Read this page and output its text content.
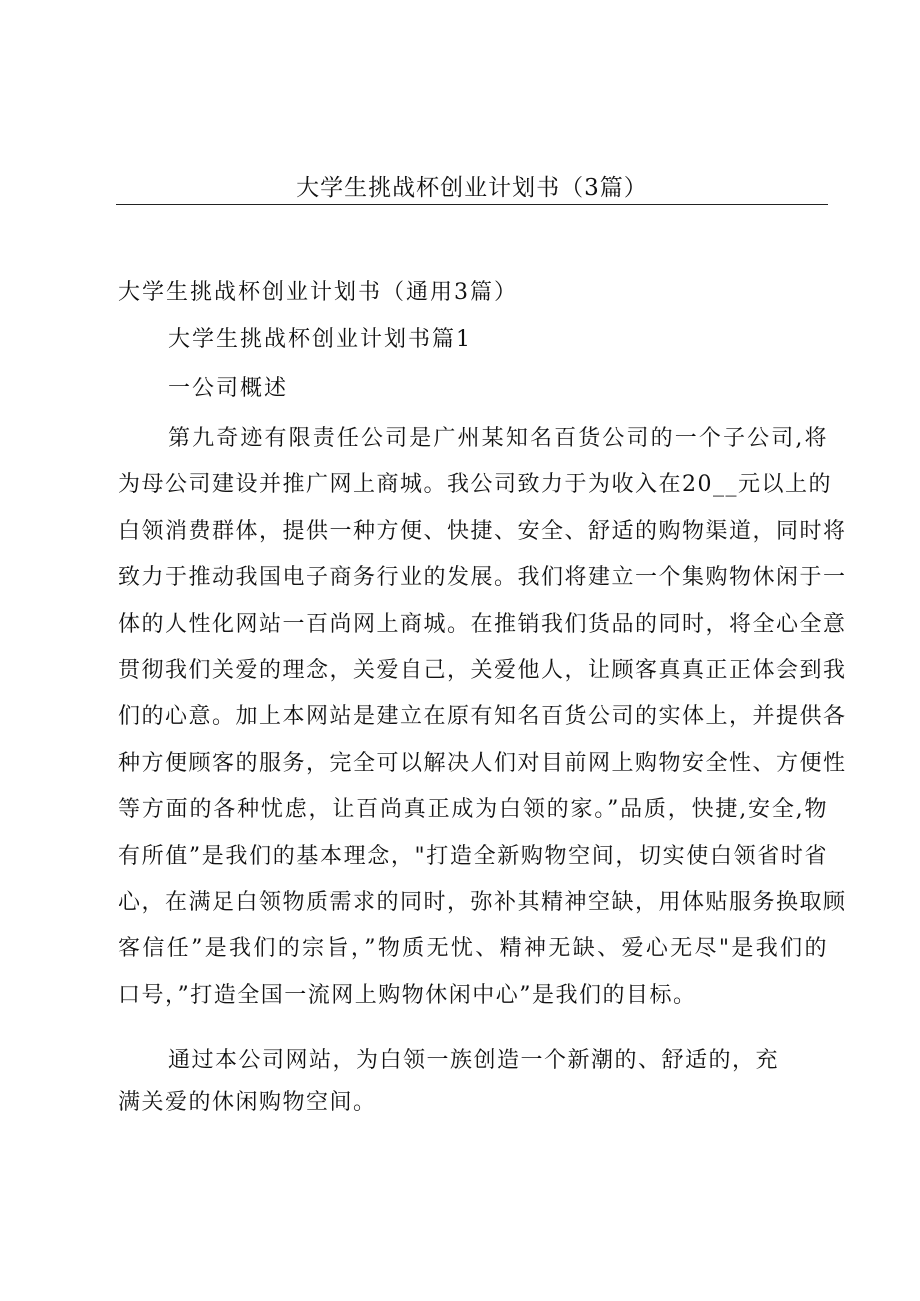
大学生挑战杯创业计划书（3篇）

大学生挑战杯创业计划书（通用3篇）

大学生挑战杯创业计划书篇1

一公司概述

第九奇迹有限责任公司是广州某知名百货公司的一个子公司,将
为母公司建设并推广网上商城。我公司致力于为收入在20__元以上的
白领消费群体，提供一种方便、快捷、安全、舒适的购物渠道，同时将
致力于推动我国电子商务行业的发展。我们将建立一个集购物休闲于一
体的人性化网站一百尚网上商城。在推销我们货品的同时，将全心全意
贯彻我们关爱的理念，关爱自己，关爱他人，让顾客真真正正体会到我
们的心意。加上本网站是建立在原有知名百货公司的实体上，并提供各
种方便顾客的服务，完全可以解决人们对目前网上购物安全性、方便性
等方面的各种忧虑，让百尚真正成为白领的家。”品质，快捷,安全,物
有所值”是我们的基本理念，"打造全新购物空间，切实使白领省时省
心，在满足白领物质需求的同时，弥补其精神空缺，用体贴服务换取顾
客信任”是我们的宗旨，”物质无忧、精神无缺、爱心无尽"是我们的
口号，”打造全国一流网上购物休闲中心”是我们的目标。
通过本公司网站，为白领一族创造一个新潮的、舒适的，充
满关爱的休闲购物空间。
